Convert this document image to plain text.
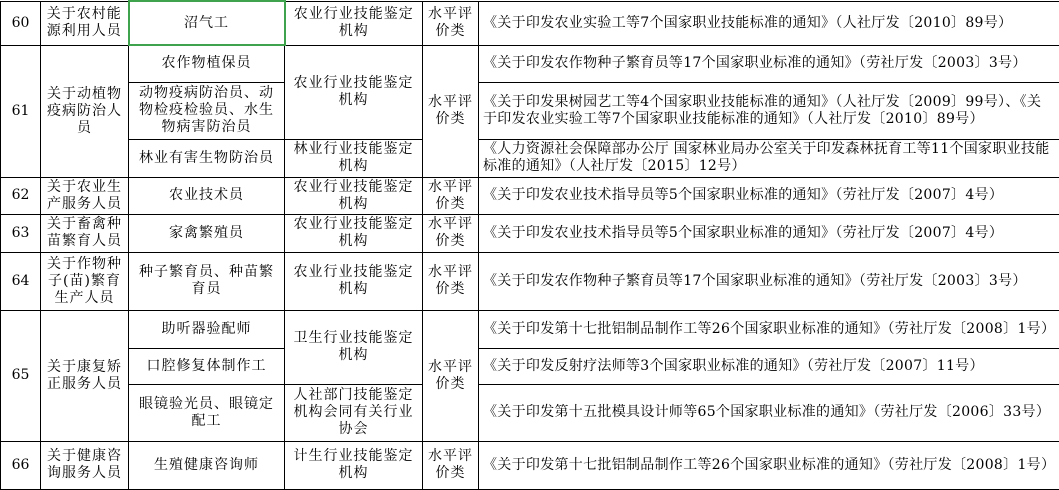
60	关于农村能源利用人员	沼气工	农业行业技能鉴定机构	水平评价类	《关于印发农业实验工等7个国家职业技能标准的通知》（人社厅发〔2010〕89号）
61	关于动植物疫病防治人员	农作物植保员	农业行业技能鉴定机构	水平评价类	《关于印发农作物种子繁育员等17个国家职业标准的通知》（劳社厅发〔2003〕3号）
		动物疫病防治员、动物检疫检验员、水生物病害防治员			《关于印发果树园艺工等4个国家职业技能标准的通知》（人社厅发〔2009〕99号）、《关于印发农业实验工等7个国家职业技能标准的通知》（人社厅发〔2010〕89号）
		林业有害生物防治员	林业行业技能鉴定机构		《人力资源社会保障部办公厅 国家林业局办公室关于印发森林抚育工等11个国家职业技能标准的通知》（人社厅发〔2015〕12号）
62	关于农业生产服务人员	农业技术员	农业行业技能鉴定机构	水平评价类	《关于印发农业技术指导员等5个国家职业标准的通知》（劳社厅发〔2007〕4号）
63	关于畜禽种苗繁育人员	家禽繁殖员	农业行业技能鉴定机构	水平评价类	《关于印发农业技术指导员等5个国家职业标准的通知》（劳社厅发〔2007〕4号）
64	关于作物种子(苗)繁育生产人员	种子繁育员、种苗繁育员	农业行业技能鉴定机构	水平评价类	《关于印发农作物种子繁育员等17个国家职业标准的通知》（劳社厅发〔2003〕3号）
65	关于康复矫正服务人员	助听器验配师	卫生行业技能鉴定机构	水平评价类	《关于印发第十七批铝制品制作工等26个国家职业标准的通知》（劳社厅发〔2008〕1号）
		口腔修复体制作工			《关于印发反射疗法师等3个国家职业标准的通知》（劳社厅发〔2007〕11号）
		眼镜验光员、眼镜定配工	人社部门技能鉴定机构会同有关行业协会		《关于印发第十五批模具设计师等65个国家职业标准的通知》（劳社厅发〔2006〕33号）
66	关于健康咨询服务人员	生殖健康咨询师	计生行业技能鉴定机构	水平评价类	《关于印发第十七批铝制品制作工等26个国家职业标准的通知》（劳社厅发〔2008〕1号）
